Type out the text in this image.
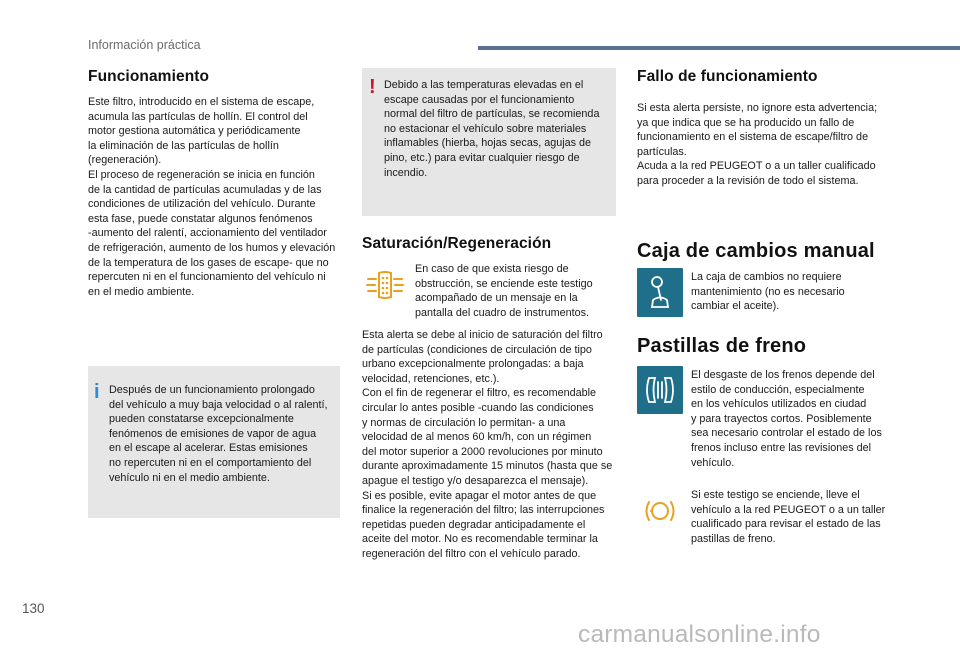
Información práctica
Funcionamiento
Este filtro, introducido en el sistema de escape,
acumula las partículas de hollín. El control del
motor gestiona automática y periódicamente
la eliminación de las partículas de hollín
(regeneración).
El proceso de regeneración se inicia en función
de la cantidad de partículas acumuladas y de las
condiciones de utilización del vehículo. Durante
esta fase, puede constatar algunos fenómenos
-aumento del ralentí, accionamiento del ventilador
de refrigeración, aumento de los humos y elevación
de la temperatura de los gases de escape- que no
repercuten ni en el funcionamiento del vehículo ni
en el medio ambiente.
i Después de un funcionamiento prolongado
del vehículo a muy baja velocidad o al ralentí,
pueden constatarse excepcionalmente
fenómenos de emisiones de vapor de agua
en el escape al acelerar. Estas emisiones
no repercuten ni en el comportamiento del
vehículo ni en el medio ambiente.
! Debido a las temperaturas elevadas en el
escape causadas por el funcionamiento
normal del filtro de partículas, se recomienda
no estacionar el vehículo sobre materiales
inflamables (hierba, hojas secas, agujas de
pino, etc.) para evitar cualquier riesgo de
incendio.
Saturación/Regeneración
En caso de que exista riesgo de
obstrucción, se enciende este testigo
acompañado de un mensaje en la
pantalla del cuadro de instrumentos.
Esta alerta se debe al inicio de saturación del filtro
de partículas (condiciones de circulación de tipo
urbano excepcionalmente prolongadas: a baja
velocidad, retenciones, etc.).
Con el fin de regenerar el filtro, es recomendable
circular lo antes posible -cuando las condiciones
y normas de circulación lo permitan- a una
velocidad de al menos 60 km/h, con un régimen
del motor superior a 2000 revoluciones por minuto
durante aproximadamente 15 minutos (hasta que se
apague el testigo y/o desaparezca el mensaje).
Si es posible, evite apagar el motor antes de que
finalice la regeneración del filtro; las interrupciones
repetidas pueden degradar anticipadamente el
aceite del motor. No es recomendable terminar la
regeneración del filtro con el vehículo parado.
Fallo de funcionamiento
Si esta alerta persiste, no ignore esta advertencia;
ya que indica que se ha producido un fallo de
funcionamiento en el sistema de escape/filtro de
partículas.
Acuda a la red PEUGEOT o a un taller cualificado
para proceder a la revisión de todo el sistema.
Caja de cambios manual
La caja de cambios no requiere
mantenimiento (no es necesario
cambiar el aceite).
Pastillas de freno
El desgaste de los frenos depende del
estilo de conducción, especialmente
en los vehículos utilizados en ciudad
y para trayectos cortos. Posiblemente
sea necesario controlar el estado de los
frenos incluso entre las revisiones del
vehículo.
Si este testigo se enciende, lleve el
vehículo a la red PEUGEOT o a un taller
cualificado para revisar el estado de las
pastillas de freno.
130
carmanualsonline.info
